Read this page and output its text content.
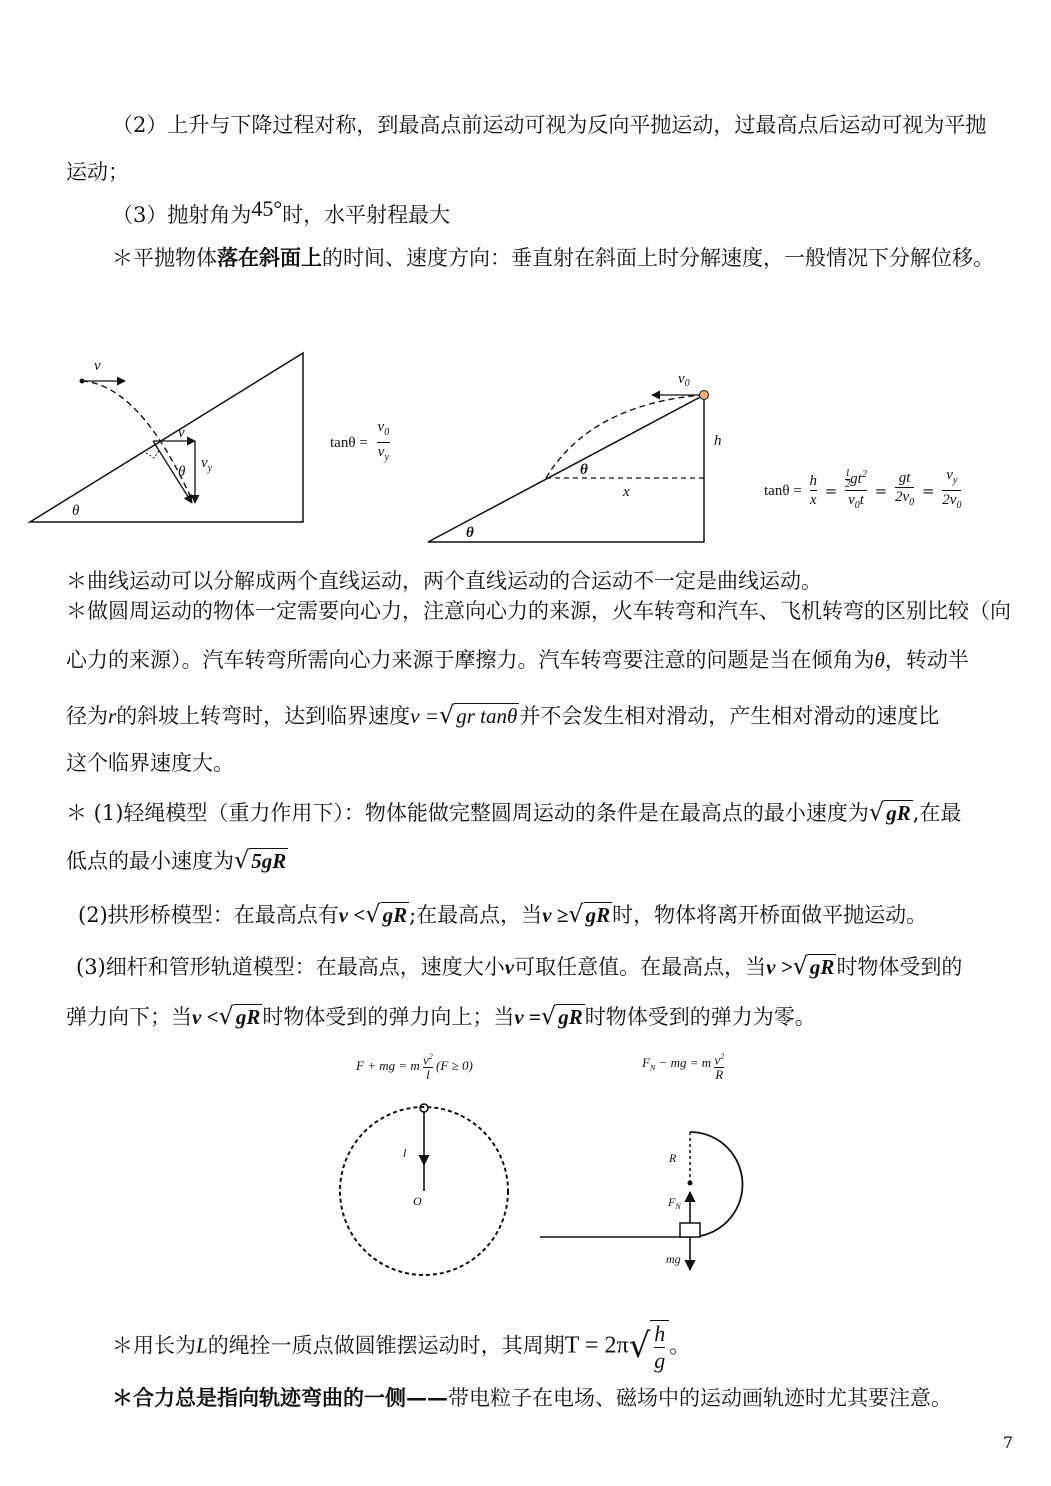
（2）上升与下降过程对称，到最高点前运动可视为反向平抛运动，过最高点后运动可视为平抛
运动；
（3）抛射角为45°时，水平射程最大
＊平抛物体落在斜面上的时间、速度方向：垂直射在斜面上时分解速度，一般情况下分解位移。
v
v
$v_y$
θ
θ
$\tan\theta = \frac{v_0}{v_y}$
$v_0$
h
x
θ
θ
$\tan\theta = \frac{h}{x} = \frac{\frac{1}{2} gt^2}{v_0t} = \frac{gt}{2v_0} = \frac{v_y}{2v_0}$
＊曲线运动可以分解成两个直线运动，两个直线运动的合运动不一定是曲线运动。
＊做圆周运动的物体一定需要向心力，注意向心力的来源，火车转弯和汽车、飞机转弯的区别比较（向
心力的来源）。汽车转弯所需向心力来源于摩擦力。汽车转弯要注意的问题是当在倾角为θ，转动半
径为r的斜坡上转弯时，达到临界速度v =√gr tanθ并不会发生相对滑动，产生相对滑动的速度比
这个临界速度大。
＊ (1)轻绳模型（重力作用下）：物体能做完整圆周运动的条件是在最高点的最小速度为√gR,在最
低点的最小速度为√5gR
(2)拱形桥模型：在最高点有v <√gR;在最高点，当v ≥√gR时，物体将离开桥面做平抛运动。
(3)细杆和管形轨道模型：在最高点，速度大小v可取任意值。在最高点，当v >√gR时物体受到的
弹力向下；当v <√gR时物体受到的弹力向上；当v =√gR时物体受到的弹力为零。
F + mg = m $\frac{v^2}{l} (F \ge 0)$
l
O
$F_N$ − mg = m $\frac{v^2}{R}$
R
$F_N$
mg
＊用长为L的绳拴一质点做圆锥摆运动时，其周期$T = 2\pi√ \frac{h}{g}$ 。
＊合力总是指向轨迹弯曲的一侧——带电粒子在电场、磁场中的运动画轨迹时尤其要注意。
7
